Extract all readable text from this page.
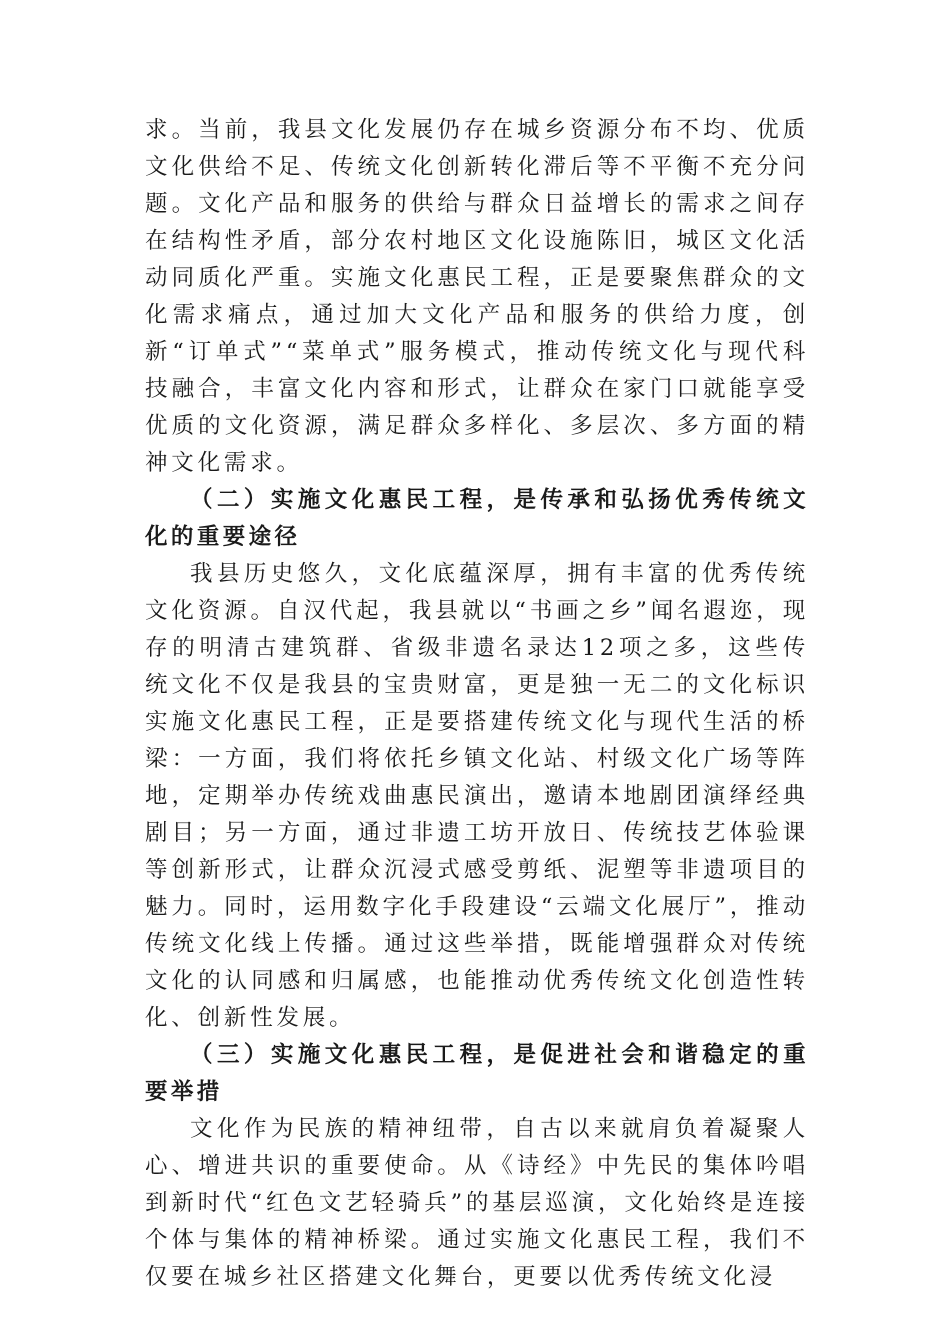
求。当前，我县文化发展仍存在城乡资源分布不均、优质文化供给不足、传统文化创新转化滞后等不平衡不充分问题。文化产品和服务的供给与群众日益增长的需求之间存在结构性矛盾，部分农村地区文化设施陈旧，城区文化活动同质化严重。实施文化惠民工程，正是要聚焦群众的文化需求痛点，通过加大文化产品和服务的供给力度，创新“订单式”“菜单式”服务模式，推动传统文化与现代科技融合，丰富文化内容和形式，让群众在家门口就能享受优质的文化资源，满足群众多样化、多层次、多方面的精神文化需求。

（二）实施文化惠民工程，是传承和弘扬优秀传统文化的重要途径

我县历史悠久，文化底蕴深厚，拥有丰富的优秀传统文化资源。自汉代起，我县就以“书画之乡”闻名遐迩，现存的明清古建筑群、省级非遗名录达12项之多，这些传统文化不仅是我县的宝贵财富，更是独一无二的文化标识实施文化惠民工程，正是要搭建传统文化与现代生活的桥梁：一方面，我们将依托乡镇文化站、村级文化广场等阵地，定期举办传统戏曲惠民演出，邀请本地剧团演绎经典剧目；另一方面，通过非遗工坊开放日、传统技艺体验课等创新形式，让群众沉浸式感受剪纸、泥塑等非遗项目的魅力。同时，运用数字化手段建设“云端文化展厅”，推动传统文化线上传播。通过这些举措，既能增强群众对传统文化的认同感和归属感，也能推动优秀传统文化创造性转化、创新性发展。

（三）实施文化惠民工程，是促进社会和谐稳定的重要举措

文化作为民族的精神纽带，自古以来就肩负着凝聚人心、增进共识的重要使命。从《诗经》中先民的集体吟唱到新时代“红色文艺轻骑兵”的基层巡演，文化始终是连接个体与集体的精神桥梁。通过实施文化惠民工程，我们不仅要在城乡社区搭建文化舞台，更要以优秀传统文化浸
